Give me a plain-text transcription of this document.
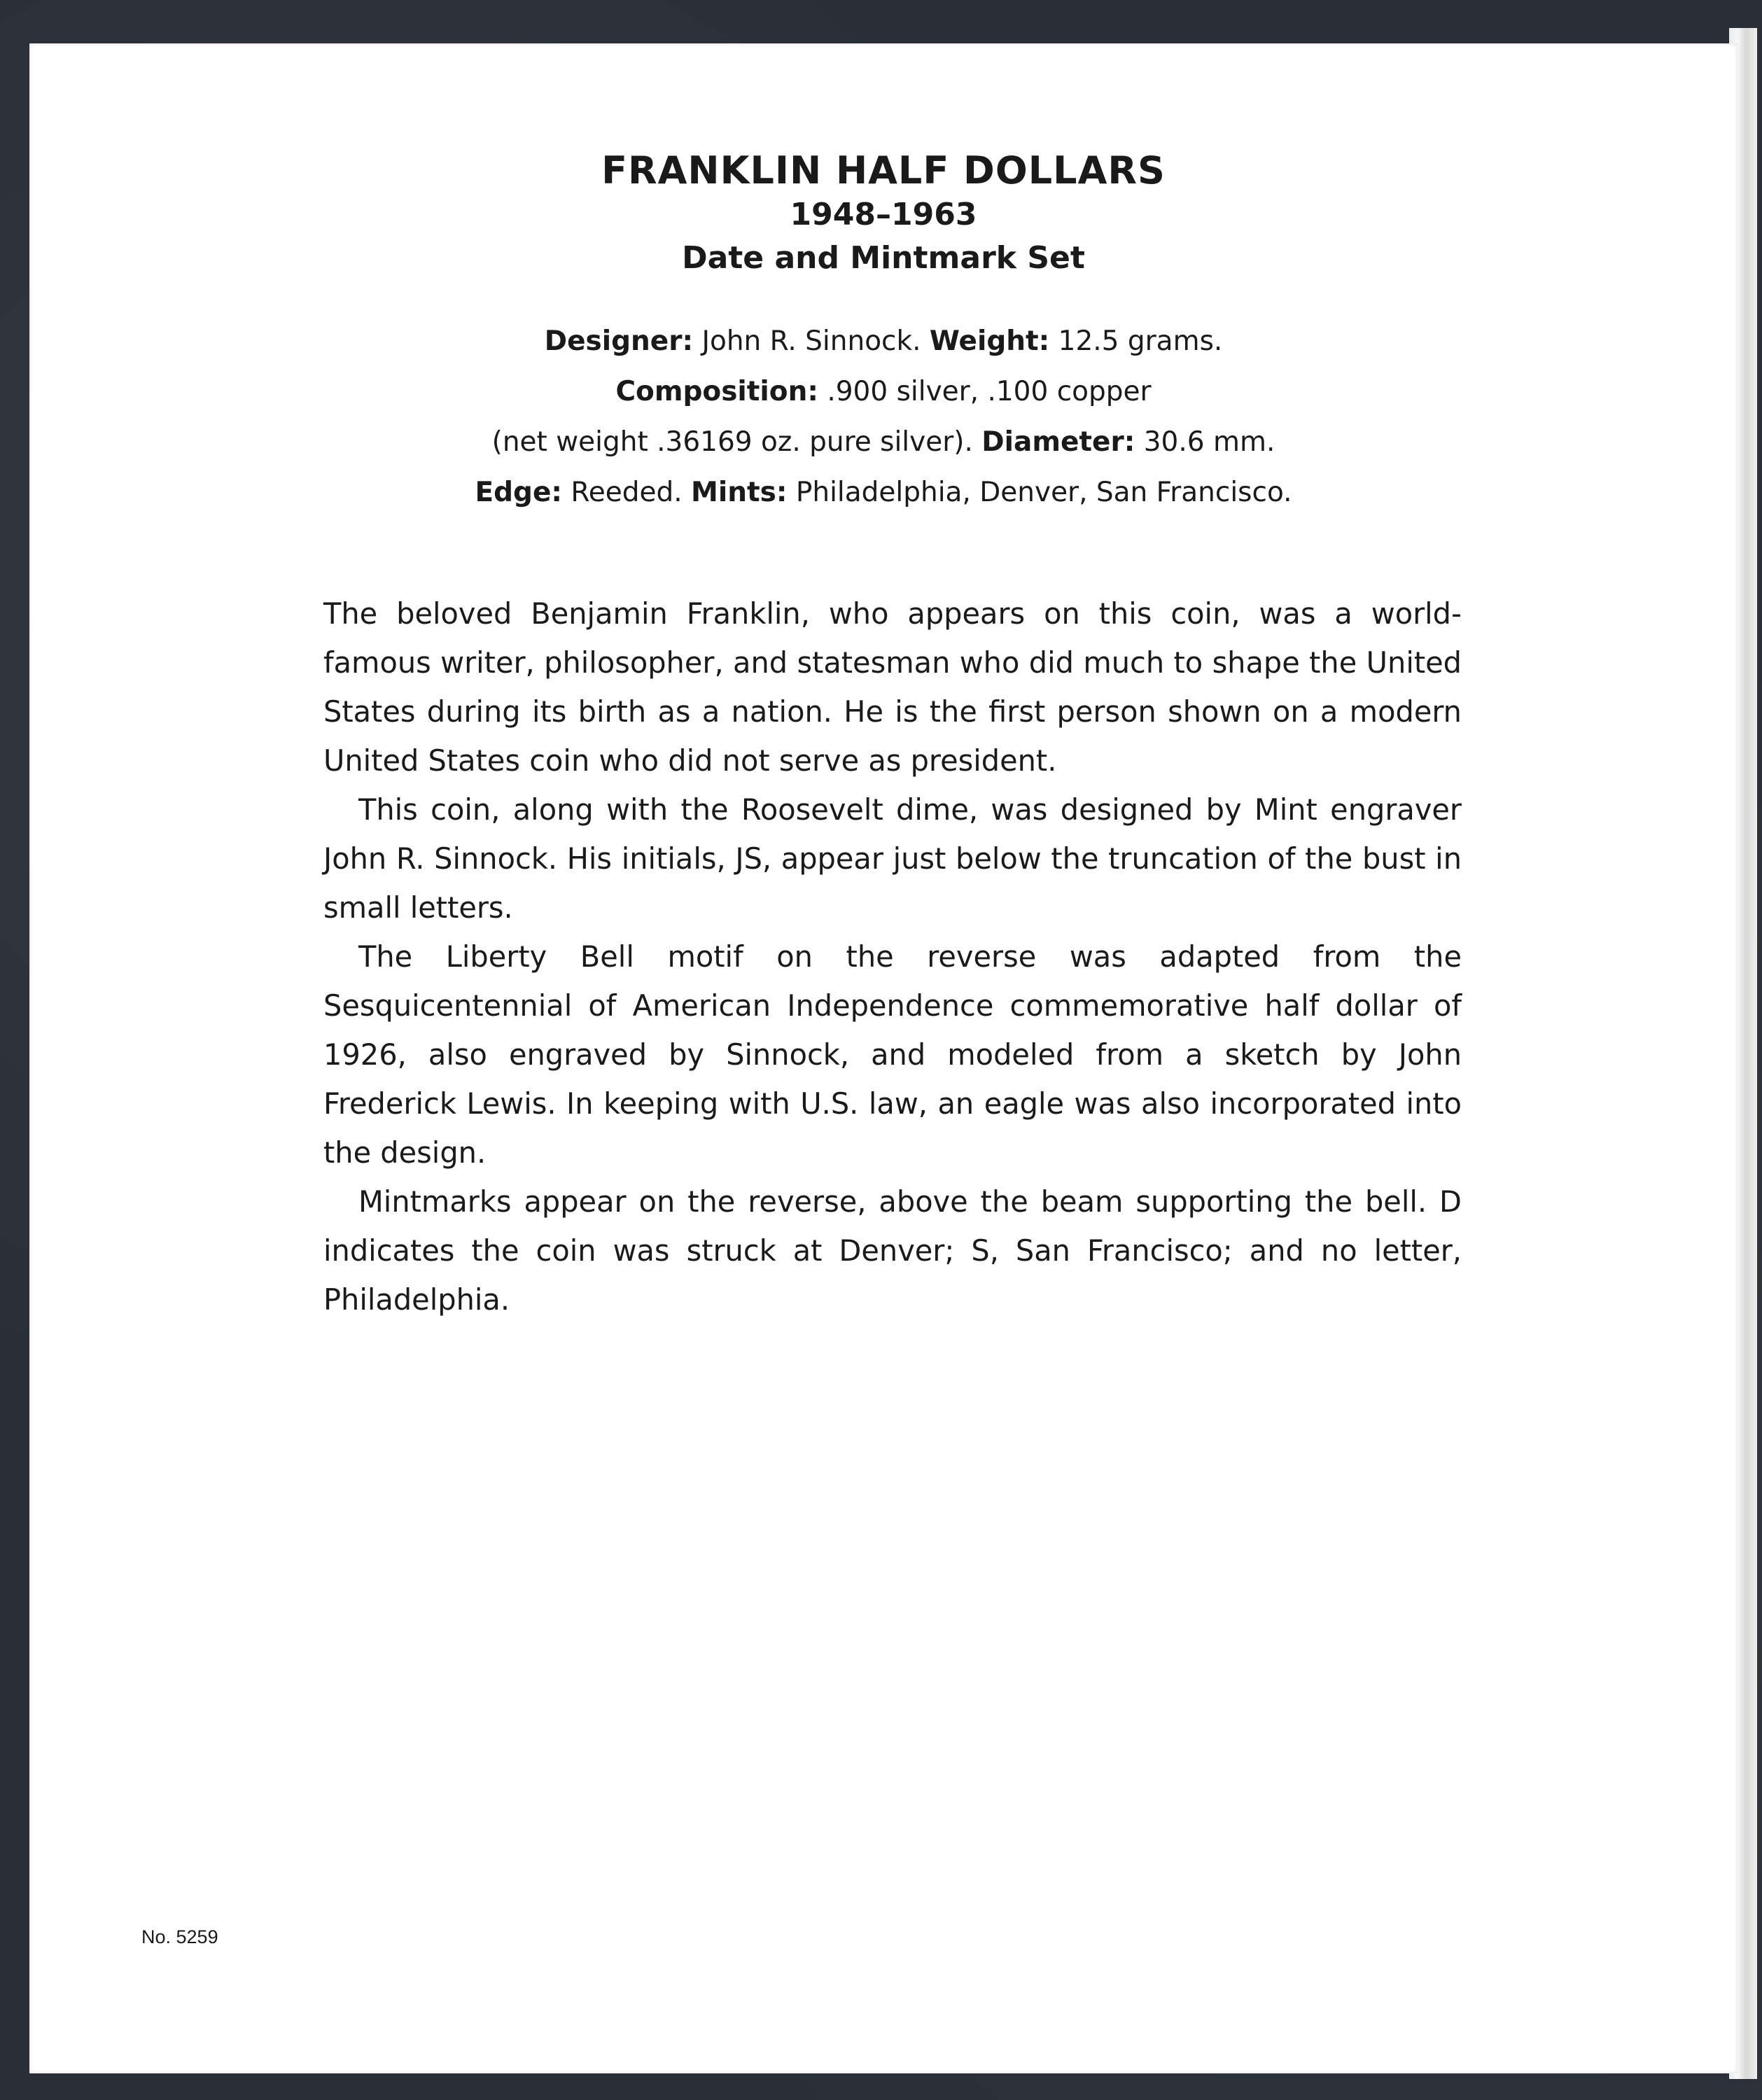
FRANKLIN HALF DOLLARS
1948–1963
Date and Mintmark Set
Designer: John R. Sinnock. Weight: 12.5 grams.
Composition: .900 silver, .100 copper
(net weight .36169 oz. pure silver). Diameter: 30.6 mm.
Edge: Reeded. Mints: Philadelphia, Denver, San Francisco.

The beloved Benjamin Franklin, who appears on this coin, was a world-famous writer, philosopher, and statesman who did much to shape the United States during its birth as a nation. He is the first person shown on a modern United States coin who did not serve as president.

This coin, along with the Roosevelt dime, was designed by Mint engraver John R. Sinnock. His initials, JS, appear just below the truncation of the bust in small letters.

The Liberty Bell motif on the reverse was adapted from the Sesquicentennial of American Independence commemorative half dollar of 1926, also engraved by Sinnock, and modeled from a sketch by John Frederick Lewis. In keeping with U.S. law, an eagle was also incorporated into the design.

Mintmarks appear on the reverse, above the beam supporting the bell. D indicates the coin was struck at Denver; S, San Francisco; and no letter, Philadelphia.

No. 5259
